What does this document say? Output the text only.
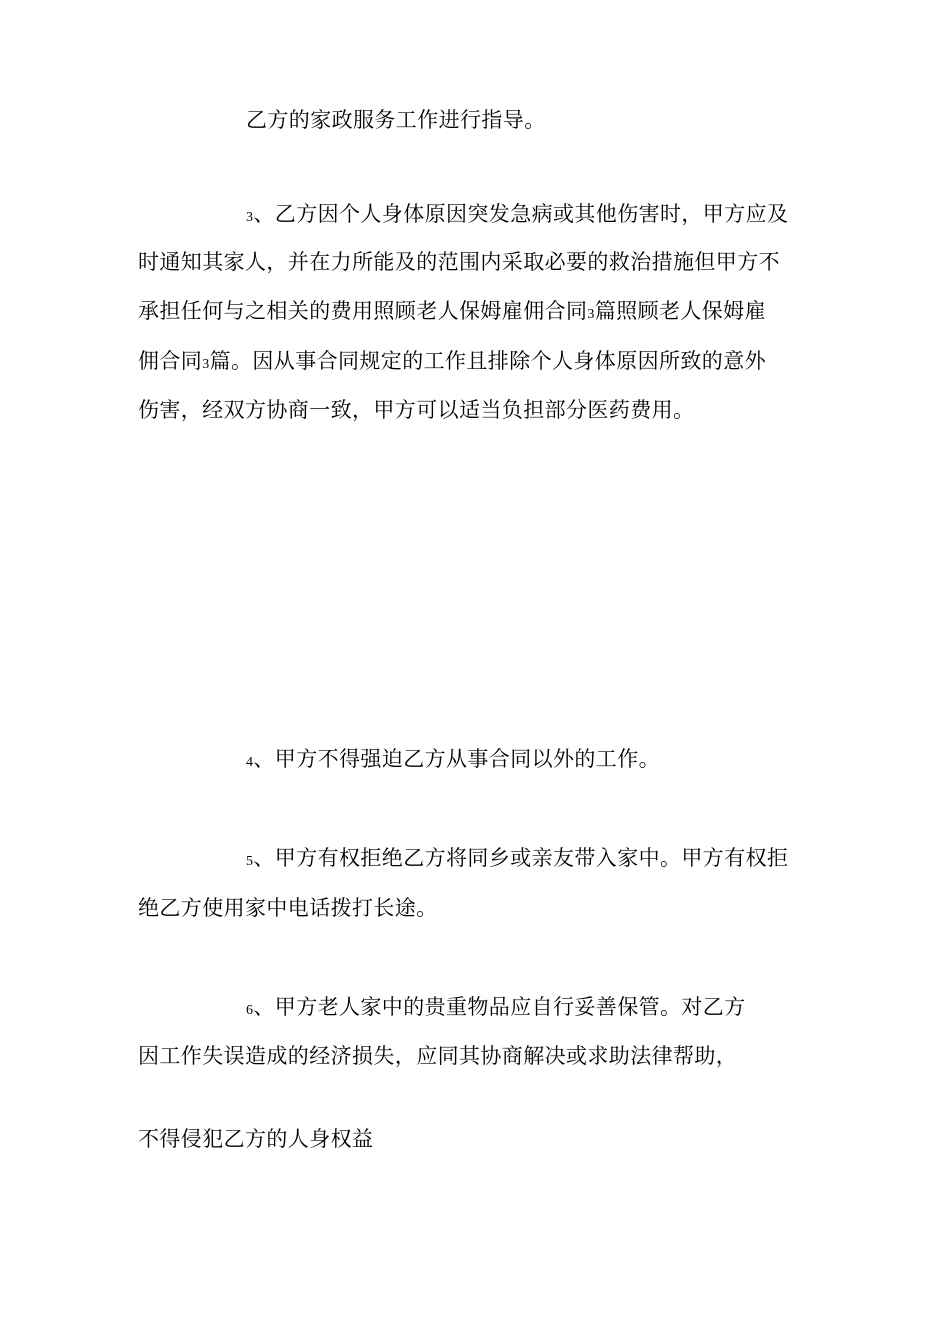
乙方的家政服务工作进行指导。
3、乙方因个人身体原因突发急病或其他伤害时，甲方应及
时通知其家人，并在力所能及的范围内采取必要的救治措施但甲方不
承担任何与之相关的费用照顾老人保姆雇佣合同3篇照顾老人保姆雇
佣合同3篇。因从事合同规定的工作且排除个人身体原因所致的意外
伤害，经双方协商一致，甲方可以适当负担部分医药费用。
4、甲方不得强迫乙方从事合同以外的工作。
5、甲方有权拒绝乙方将同乡或亲友带入家中。甲方有权拒
绝乙方使用家中电话拨打长途。
6、甲方老人家中的贵重物品应自行妥善保管。对乙方
因工作失误造成的经济损失，应同其协商解决或求助法律帮助，
不得侵犯乙方的人身权益
